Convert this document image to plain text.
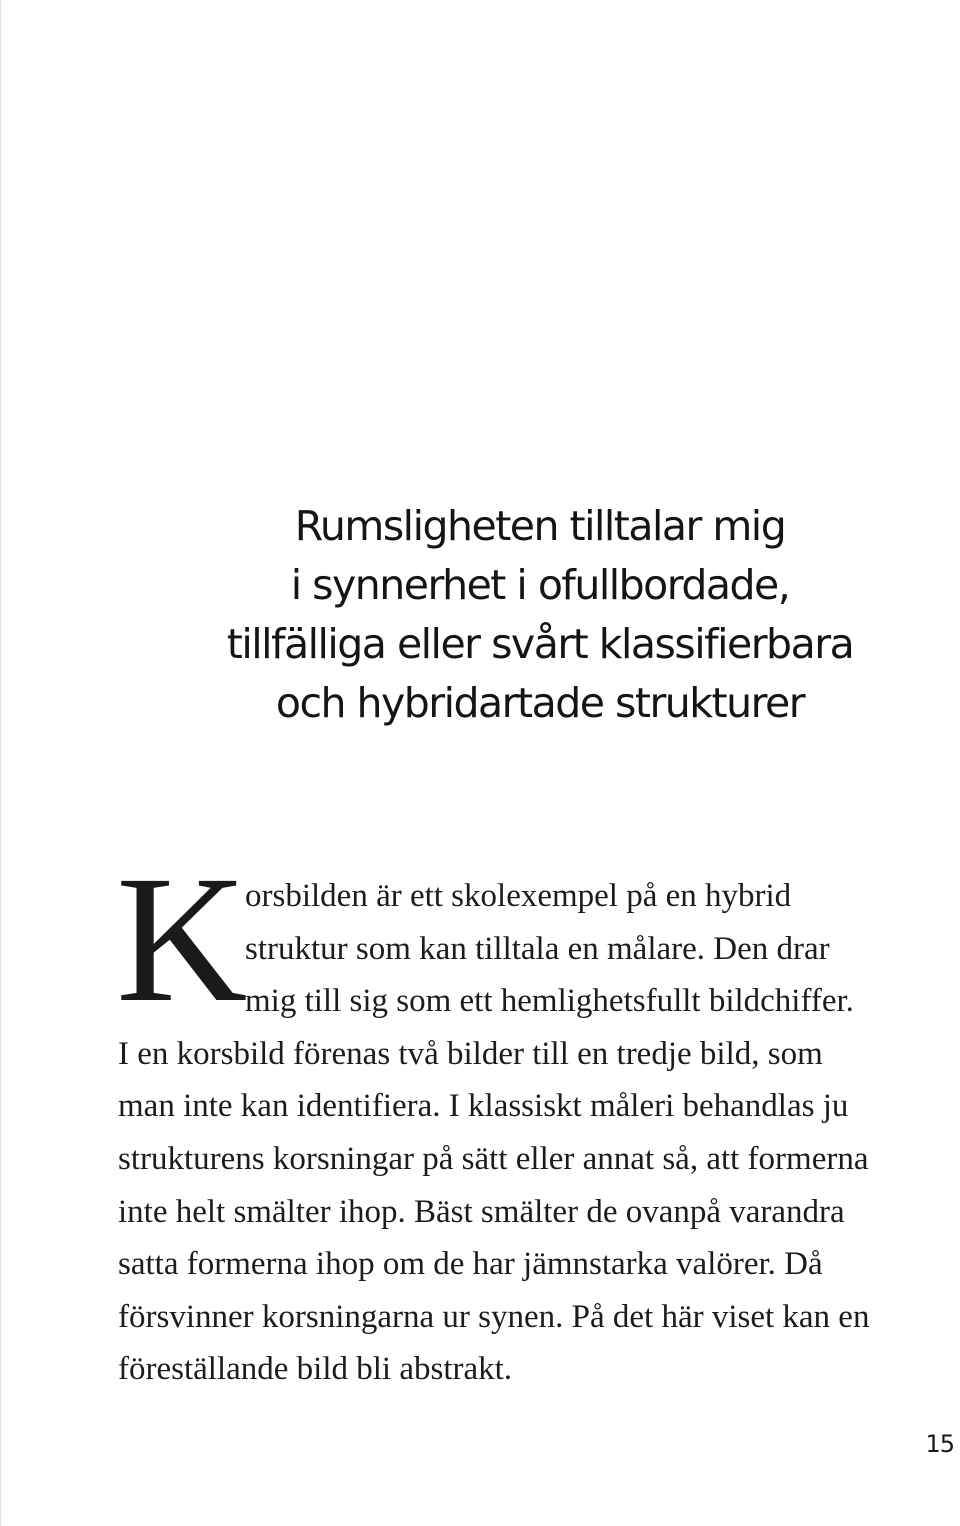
Rumsligheten tilltalar mig
i synnerhet i ofullbordade,
tillfälliga eller svårt klassifierbara
och hybridartade strukturer
K
orsbilden är ett skolexempel på en hybrid
struktur som kan tilltala en målare. Den drar
mig till sig som ett hemlighetsfullt bildchiffer.
I en korsbild förenas två bilder till en tredje bild, som
man inte kan identifiera. I klassiskt måleri behandlas ju
strukturens korsningar på sätt eller annat så, att formerna
inte helt smälter ihop. Bäst smälter de ovanpå varandra
satta formerna ihop om de har jämnstarka valörer. Då
försvinner korsningarna ur synen. På det här viset kan en
föreställande bild bli abstrakt.
15
